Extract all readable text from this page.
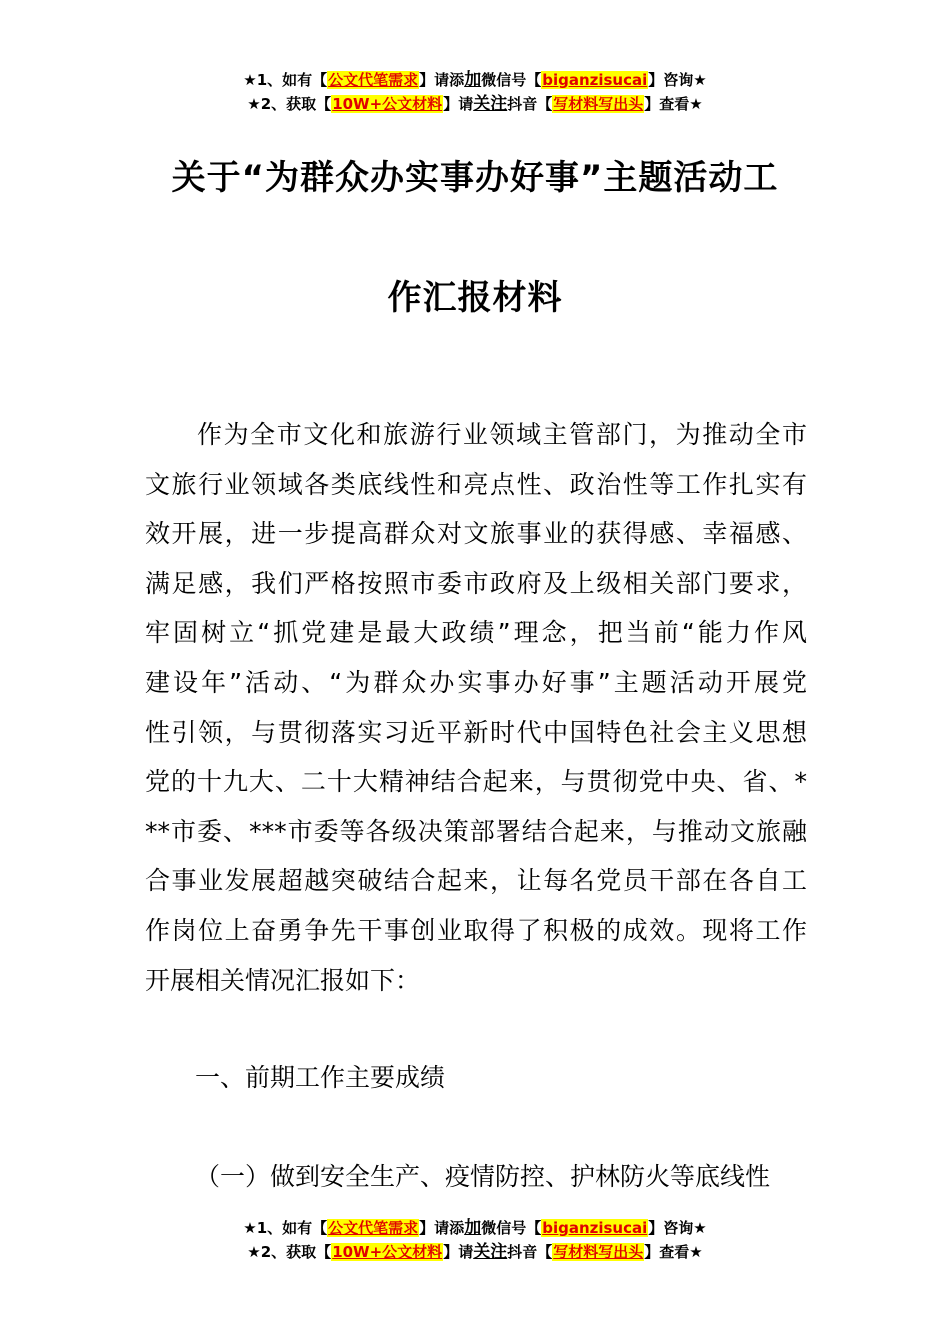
★1、如有【公文代笔需求】请添加微信号【biganzisucai】咨询★
★2、获取【10W+公文材料】请关注抖音【写材料写出头】查看★
关于“为群众办实事办好事”主题活动工
作汇报材料
作为全市文化和旅游行业领域主管部门，为推动全市
文旅行业领域各类底线性和亮点性、政治性等工作扎实有
效开展，进一步提高群众对文旅事业的获得感、幸福感、
满足感，我们严格按照市委市政府及上级相关部门要求，
牢固树立“抓党建是最大政绩”理念，把当前“能力作风
建设年”活动、“为群众办实事办好事”主题活动开展党
性引领，与贯彻落实习近平新时代中国特色社会主义思想
党的十九大、二十大精神结合起来，与贯彻党中央、省、*
**市委、***市委等各级决策部署结合起来，与推动文旅融
合事业发展超越突破结合起来，让每名党员干部在各自工
作岗位上奋勇争先干事创业取得了积极的成效。现将工作
开展相关情况汇报如下：
一、前期工作主要成绩
（一）做到安全生产、疫情防控、护林防火等底线性
★1、如有【公文代笔需求】请添加微信号【biganzisucai】咨询★
★2、获取【10W+公文材料】请关注抖音【写材料写出头】查看★
